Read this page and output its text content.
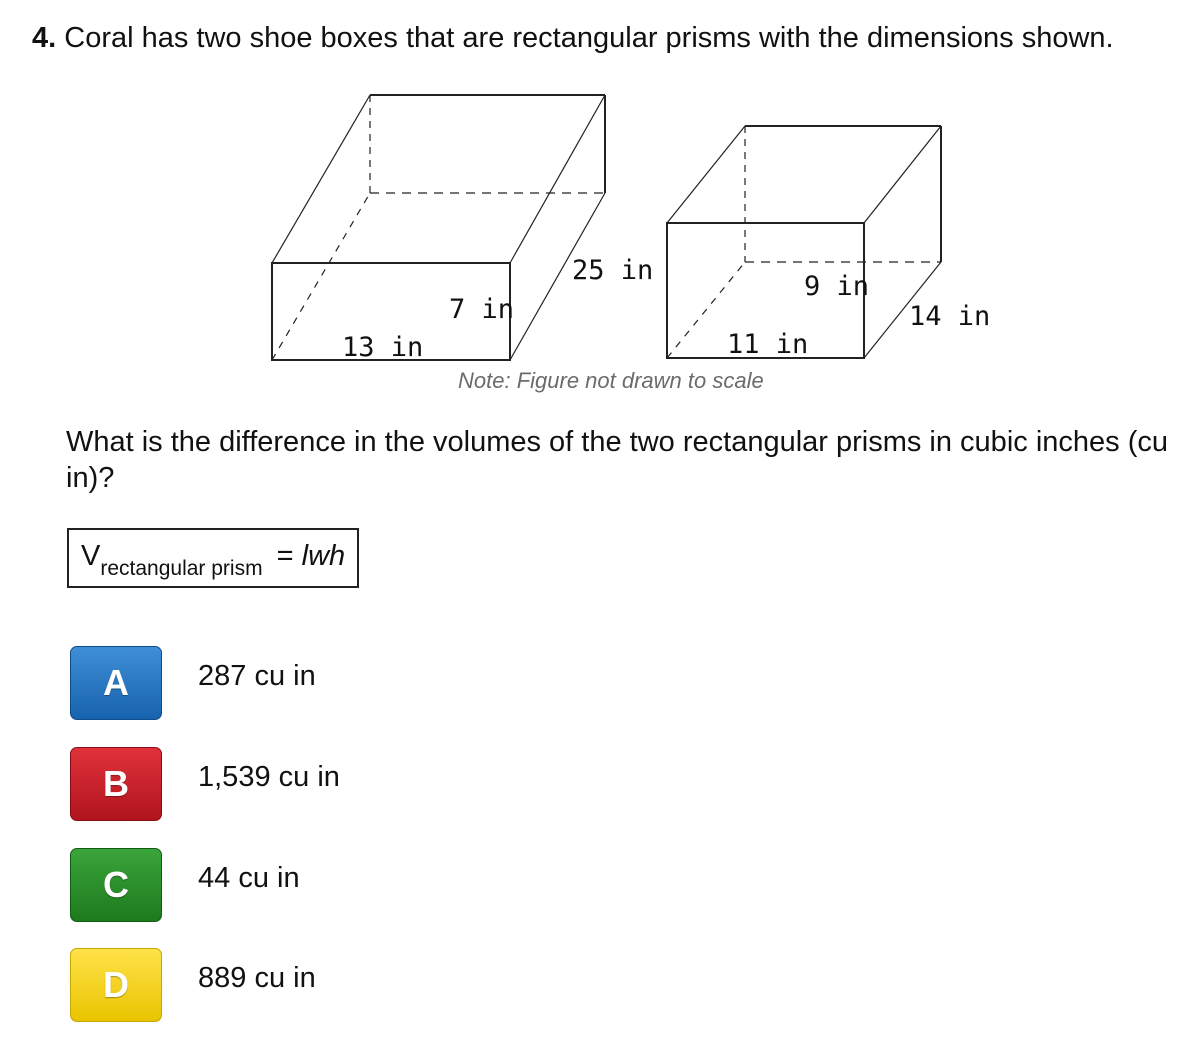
4. Coral has two shoe boxes that are rectangular prisms with the dimensions shown.
13 in
7 in
25 in
11 in
9 in
14 in
Note: Figure not drawn to scale
What is the difference in the volumes of the two rectangular prisms in cubic inches (cu in)?
$V_{rectangular prism}$ = lwh
A	287 cu in
B	1,539 cu in
C	44 cu in
D	889 cu in
